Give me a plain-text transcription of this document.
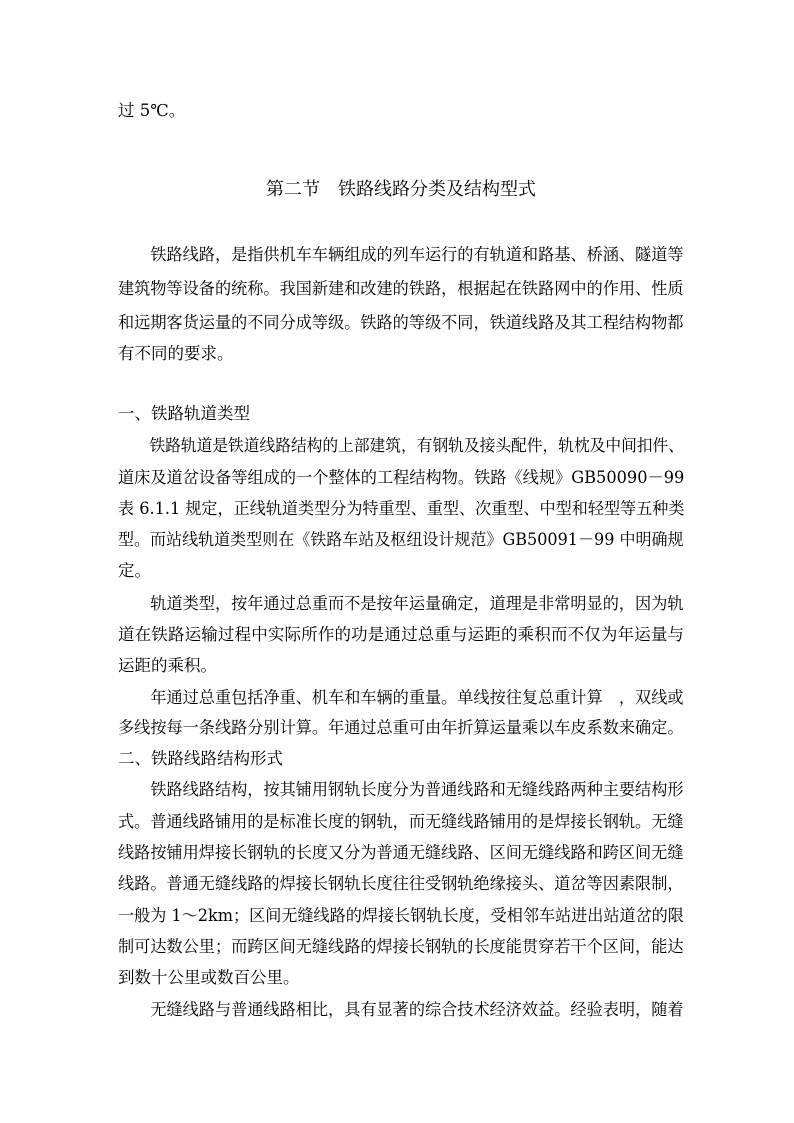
过 5℃。
第二节　铁路线路分类及结构型式
　　铁路线路，是指供机车车辆组成的列车运行的有轨道和路基、桥涵、隧道等
建筑物等设备的统称。我国新建和改建的铁路，根据起在铁路网中的作用、性质
和远期客货运量的不同分成等级。铁路的等级不同，铁道线路及其工程结构物都
有不同的要求。
一、铁路轨道类型
　　铁路轨道是铁道线路结构的上部建筑，有钢轨及接头配件，轨枕及中间扣件、
道床及道岔设备等组成的一个整体的工程结构物。铁路《线规》GB50090－99
表 6.1.1 规定，正线轨道类型分为特重型、重型、次重型、中型和轻型等五种类
型。而站线轨道类型则在《铁路车站及枢纽设计规范》GB50091－99 中明确规
定。
　　轨道类型，按年通过总重而不是按年运量确定，道理是非常明显的，因为轨
道在铁路运输过程中实际所作的功是通过总重与运距的乘积而不仅为年运量与
运距的乘积。
　　年通过总重包括净重、机车和车辆的重量。单线按往复总重计算　，双线或
多线按每一条线路分别计算。年通过总重可由年折算运量乘以车皮系数来确定。
二、铁路线路结构形式
　　铁路线路结构，按其铺用钢轨长度分为普通线路和无缝线路两种主要结构形
式。普通线路铺用的是标准长度的钢轨，而无缝线路铺用的是焊接长钢轨。无缝
线路按铺用焊接长钢轨的长度又分为普通无缝线路、区间无缝线路和跨区间无缝
线路。普通无缝线路的焊接长钢轨长度往往受钢轨绝缘接头、道岔等因素限制，
一般为 1～2km；区间无缝线路的焊接长钢轨长度，受相邻车站进出站道岔的限
制可达数公里；而跨区间无缝线路的焊接长钢轨的长度能贯穿若干个区间，能达
到数十公里或数百公里。
　　无缝线路与普通线路相比，具有显著的综合技术经济效益。经验表明，随着
